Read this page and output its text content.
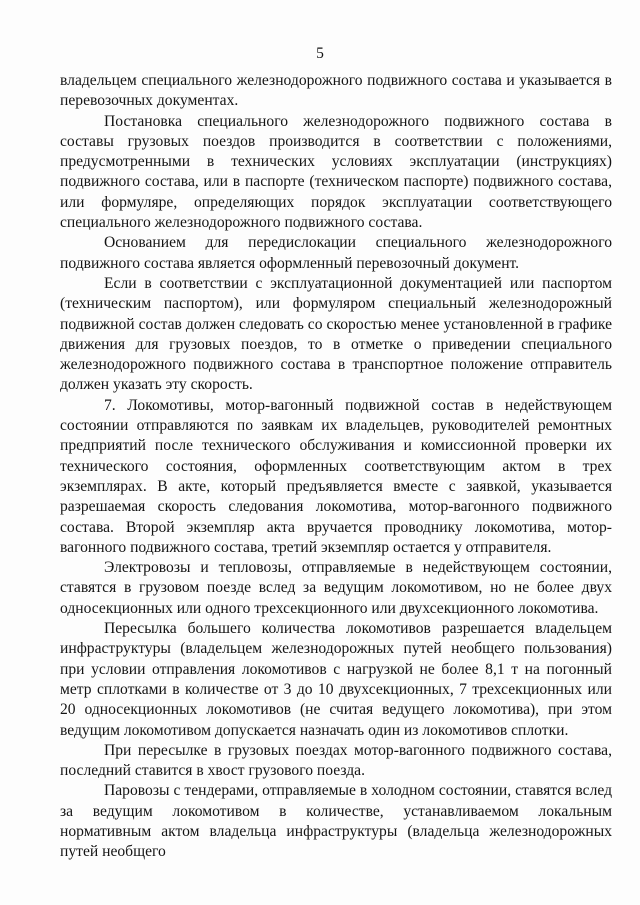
5

владельцем специального железнодорожного подвижного состава и указывается в перевозочных документах.

Постановка специального железнодорожного подвижного состава в составы грузовых поездов производится в соответствии с положениями, предусмотренными в технических условиях эксплуатации (инструкциях) подвижного состава, или в паспорте (техническом паспорте) подвижного состава, или формуляре, определяющих порядок эксплуатации соответствующего специального железнодорожного подвижного состава.

Основанием для передислокации специального железнодорожного подвижного состава является оформленный перевозочный документ.

Если в соответствии с эксплуатационной документацией или паспортом (техническим паспортом), или формуляром специальный железнодорожный подвижной состав должен следовать со скоростью менее установленной в графике движения для грузовых поездов, то в отметке о приведении специального железнодорожного подвижного состава в транспортное положение отправитель должен указать эту скорость.

7. Локомотивы, мотор-вагонный подвижной состав в недействующем состоянии отправляются по заявкам их владельцев, руководителей ремонтных предприятий после технического обслуживания и комиссионной проверки их технического состояния, оформленных соответствующим актом в трех экземплярах. В акте, который предъявляется вместе с заявкой, указывается разрешаемая скорость следования локомотива, мотор-вагонного подвижного состава. Второй экземпляр акта вручается проводнику локомотива, мотор-вагонного подвижного состава, третий экземпляр остается у отправителя.

Электровозы и тепловозы, отправляемые в недействующем состоянии, ставятся в грузовом поезде вслед за ведущим локомотивом, но не более двух односекционных или одного трехсекционного или двухсекционного локомотива.

Пересылка большего количества локомотивов разрешается владельцем инфраструктуры (владельцем железнодорожных путей необщего пользования) при условии отправления локомотивов с нагрузкой не более 8,1 т на погонный метр сплотками в количестве от 3 до 10 двухсекционных, 7 трехсекционных или 20 односекционных локомотивов (не считая ведущего локомотива), при этом ведущим локомотивом допускается назначать один из локомотивов сплотки.

При пересылке в грузовых поездах мотор-вагонного подвижного состава, последний ставится в хвост грузового поезда.

Паровозы с тендерами, отправляемые в холодном состоянии, ставятся вслед за ведущим локомотивом в количестве, устанавливаемом локальным нормативным актом владельца инфраструктуры (владельца железнодорожных путей необщего
